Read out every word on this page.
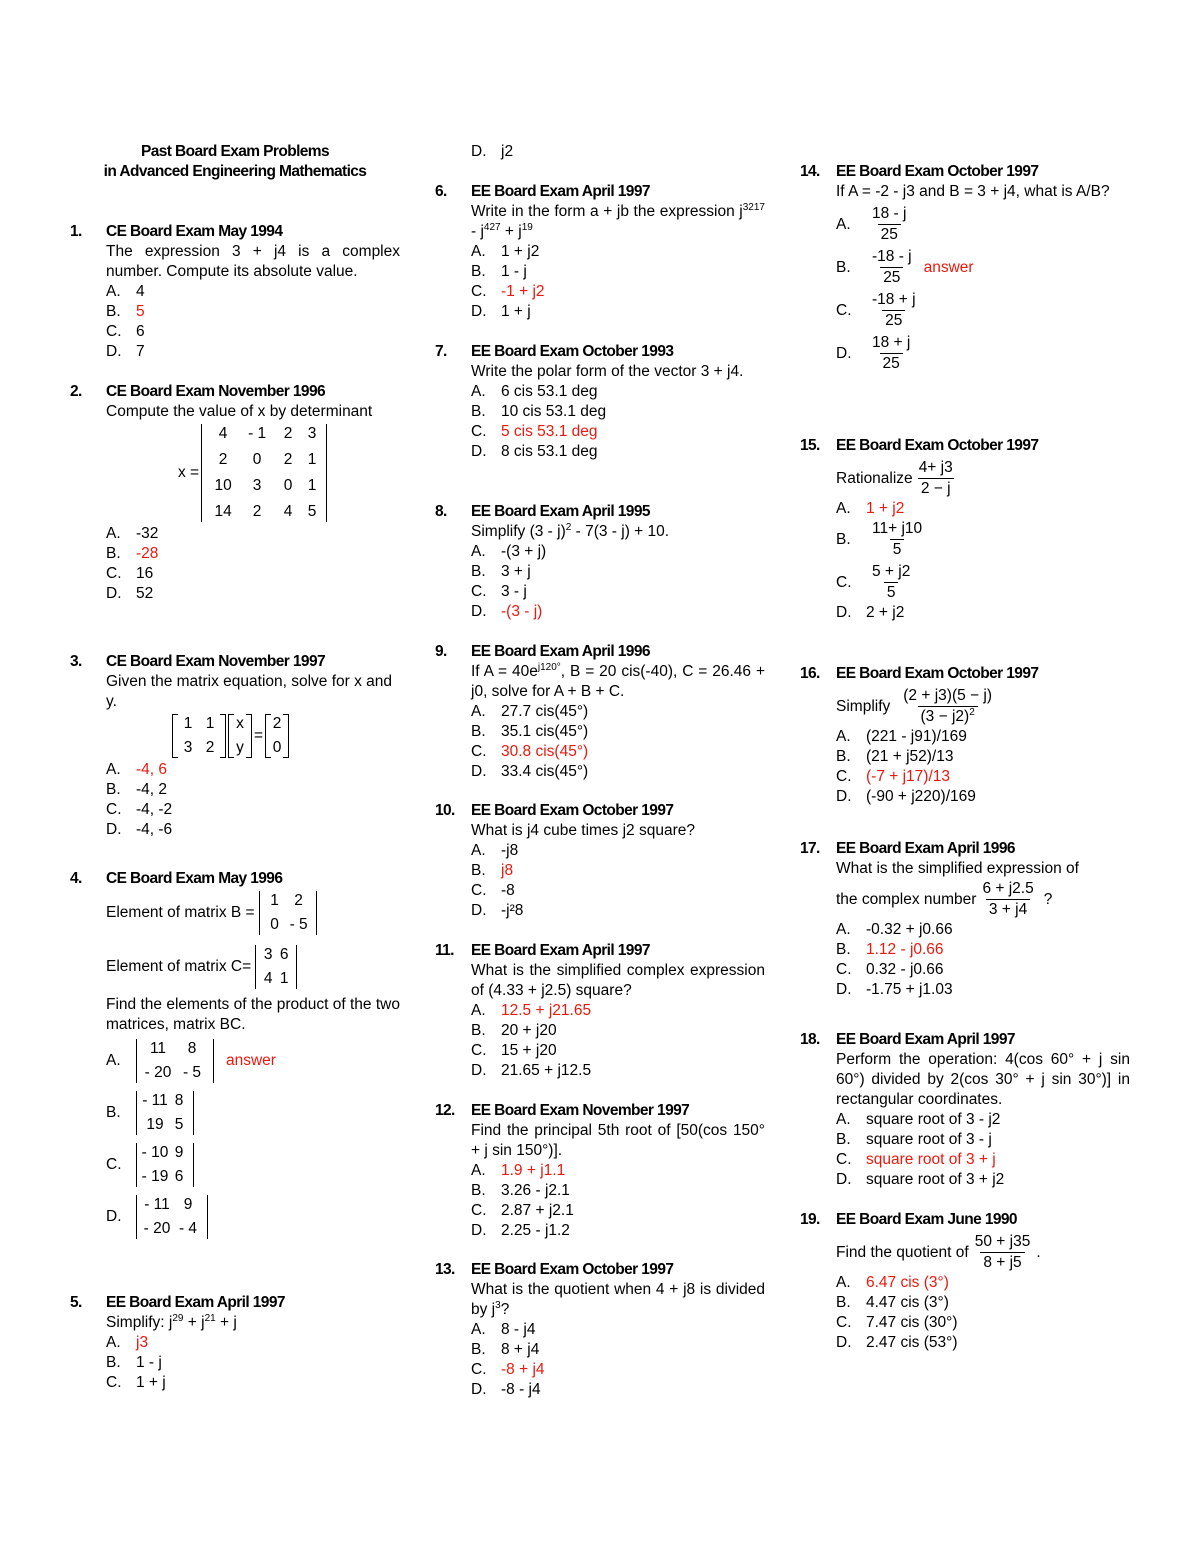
Past Board Exam Problems
in Advanced Engineering Mathematics
1.	CE Board Exam May 1994
The expression 3 + j4 is a complex number. Compute its absolute value.
A. 4
B. 5
C. 6
D. 7
2.	CE Board Exam November 1996
Compute the value of x by determinant
x =
4	- 1	2 3
2	0	2 1
10	3	0 1
14	2	4 5
A. -32
B. -28
C. 16
D. 52
3.	CE Board Exam November 1997
Given the matrix equation, solve for x and y.
1 1
3 2
x
y
=
2
0
A. -4, 6
B. -4, 2
C. -4, -2
D. -4, -6
4.	CE Board Exam May 1996
Element of matrix B =
1 2
0 - 5
Element of matrix C=
3 6
4 1
Find the elements of the product of the two matrices, matrix BC.
A.
11	8
- 20 - 5
answer
B.
- 11 8
19 5
C.
- 10 9
- 19 6
D.
- 11 9
- 20 - 4
5.	EE Board Exam April 1997
Simplify: $j^{29} + j^{21} + j$
A. j3
B. 1 - j
C. 1 + j
D. j2
6.	EE Board Exam April 1997
Write in the form a + jb the expression $j^{3217} - j^{427} + j^{19}$
A. 1 + j2
B. 1 - j
C. -1 + j2
D. 1 + j
7.	EE Board Exam October 1993
Write the polar form of the vector 3 + j4.
A. 6 cis 53.1 deg
B. 10 cis 53.1 deg
C. 5 cis 53.1 deg
D. 8 cis 53.1 deg
8.	EE Board Exam April 1995
Simplify (3 - j)$^2$ - 7(3 - j) + 10.
A. -(3 + j)
B. 3 + j
C. 3 - j
D. -(3 - j)
9.	EE Board Exam April 1996
If $A = 40e^{j120^\circ}$, B = 20 cis(-40), C = 26.46 + j0, solve for A + B + C.
A. 27.7 cis(45°)
B. 35.1 cis(45°)
C. 30.8 cis(45°)
D. 33.4 cis(45°)
10.	EE Board Exam October 1997
What is j4 cube times j2 square?
A. -j8
B. j8
C. -8
D. -j²8
11.	EE Board Exam April 1997
What is the simplified complex expression of (4.33 + j2.5) square?
A. 12.5 + j21.65
B. 20 + j20
C. 15 + j20
D. 21.65 + j12.5
12.	EE Board Exam November 1997
Find the principal 5th root of [50(cos 150° + j sin 150°)].
A. 1.9 + j1.1
B. 3.26 - j2.1
C. 2.87 + j2.1
D. 2.25 - j1.2
13.	EE Board Exam October 1997
What is the quotient when 4 + j8 is divided by $j^3$?
A. 8 - j4
B. 8 + j4
C. -8 + j4
D. -8 - j4
14.	EE Board Exam October 1997
If A = -2 - j3 and B = 3 + j4, what is A/B?
A.	$\frac{18 - j}{25}$
B.	$\frac{-18 - j}{25}$ answer
C.	$\frac{-18 + j}{25}$
D.	$\frac{18 + j}{25}$
15.	EE Board Exam October 1997
Rationalize $\frac{4+ j3}{2 - j}$
A. 1 + j2
B.	$\frac{11+ j10}{5}$
C.	$\frac{5 + j2}{5}$
D. 2 + j2
16.	EE Board Exam October 1997
Simplify $\frac{(2 + j3)(5 - j)}{(3 - j2)^2}$
A. (221 - j91)/169
B. (21 + j52)/13
C. (-7 + j17)/13
D. (-90 + j220)/169
17.	EE Board Exam April 1996
What is the simplified expression of
the complex number $\frac{6 + j2.5}{3 + j4}$ ?
A. -0.32 + j0.66
B. 1.12 - j0.66
C. 0.32 - j0.66
D. -1.75 + j1.03
18.	EE Board Exam April 1997
Perform the operation: 4(cos 60° + j sin 60°) divided by 2(cos 30° + j sin 30°)] in rectangular coordinates.
A. square root of 3 - j2
B. square root of 3 - j
C. square root of 3 + j
D. square root of 3 + j2
19.	EE Board Exam June 1990
Find the quotient of $\frac{50 + j35}{8 + j5}$ .
A. 6.47 cis (3°)
B. 4.47 cis (3°)
C. 7.47 cis (30°)
D. 2.47 cis (53°)
